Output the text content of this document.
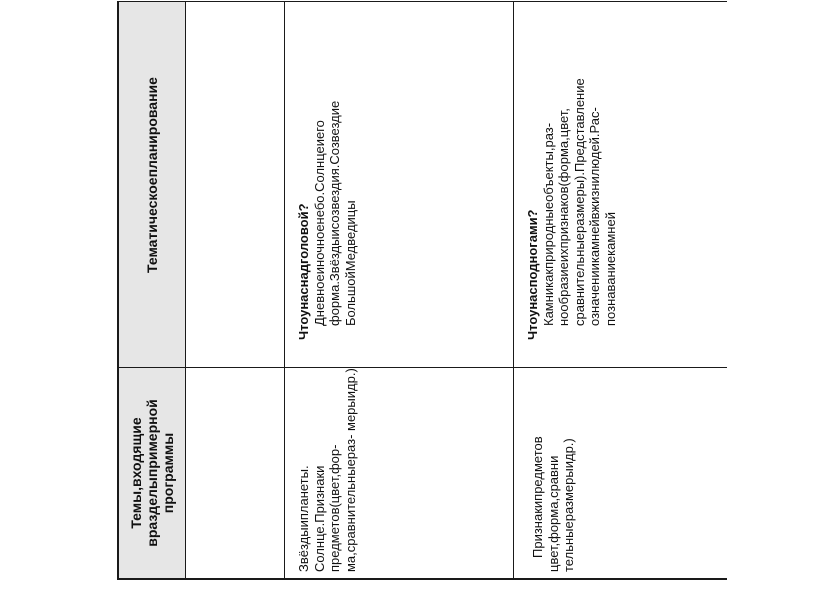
Темы,входящие вразделыпримерной программы
Тематическоепланирование
Звёздыипланеты. Солнце.Признаки предметов(цвет,фор- ма,сравнительныераз- мерыидр.)
Чтоунаснадголовой? Дневноеиночноенебо.Солнцеиего форма.Звёздыисозвездия.Созвездие БольшойМедведицы
Признакипредметов цвет,форма,сравни тельныеразмерыидр.)
Чтоунасподногами? Камникакприродныеобъекты,раз- нообразиеихпризнаков(форма,цвет, сравнительныеразмеры).Представление означениикамнейвжизнилюдей.Рас- познаваниекамней
